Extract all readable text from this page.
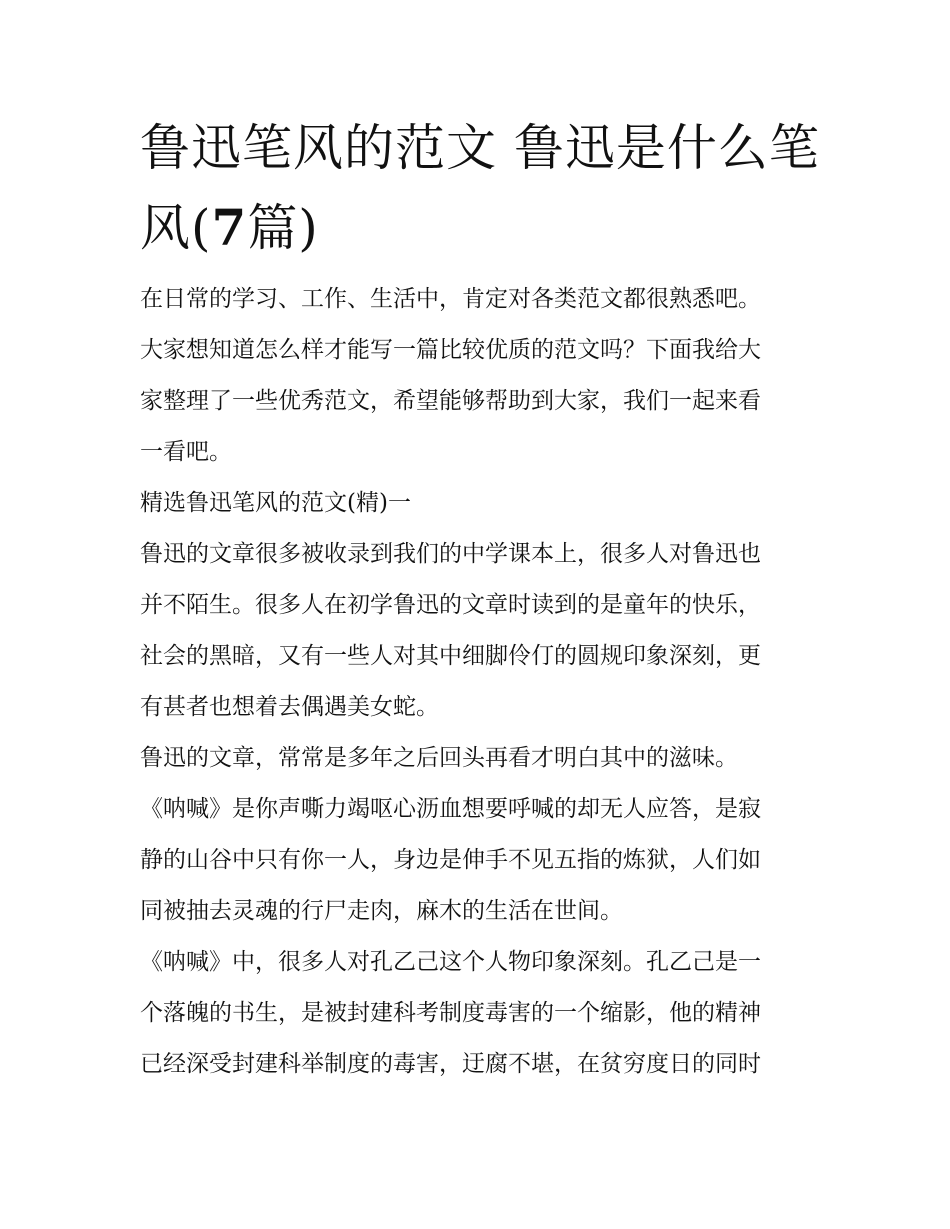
鲁迅笔风的范文 鲁迅是什么笔风(7篇)
在日常的学习、工作、生活中，肯定对各类范文都很熟悉吧。
大家想知道怎么样才能写一篇比较优质的范文吗？下面我给大
家整理了一些优秀范文，希望能够帮助到大家，我们一起来看
一看吧。
精选鲁迅笔风的范文(精)一
鲁迅的文章很多被收录到我们的中学课本上，很多人对鲁迅也
并不陌生。很多人在初学鲁迅的文章时读到的是童年的快乐，
社会的黑暗，又有一些人对其中细脚伶仃的圆规印象深刻，更
有甚者也想着去偶遇美女蛇。
鲁迅的文章，常常是多年之后回头再看才明白其中的滋味。
《呐喊》是你声嘶力竭呕心沥血想要呼喊的却无人应答，是寂
静的山谷中只有你一人，身边是伸手不见五指的炼狱，人们如
同被抽去灵魂的行尸走肉，麻木的生活在世间。
《呐喊》中，很多人对孔乙己这个人物印象深刻。孔乙己是一
个落魄的书生，是被封建科考制度毒害的一个缩影，他的精神
已经深受封建科举制度的毒害，迂腐不堪，在贫穷度日的同时
